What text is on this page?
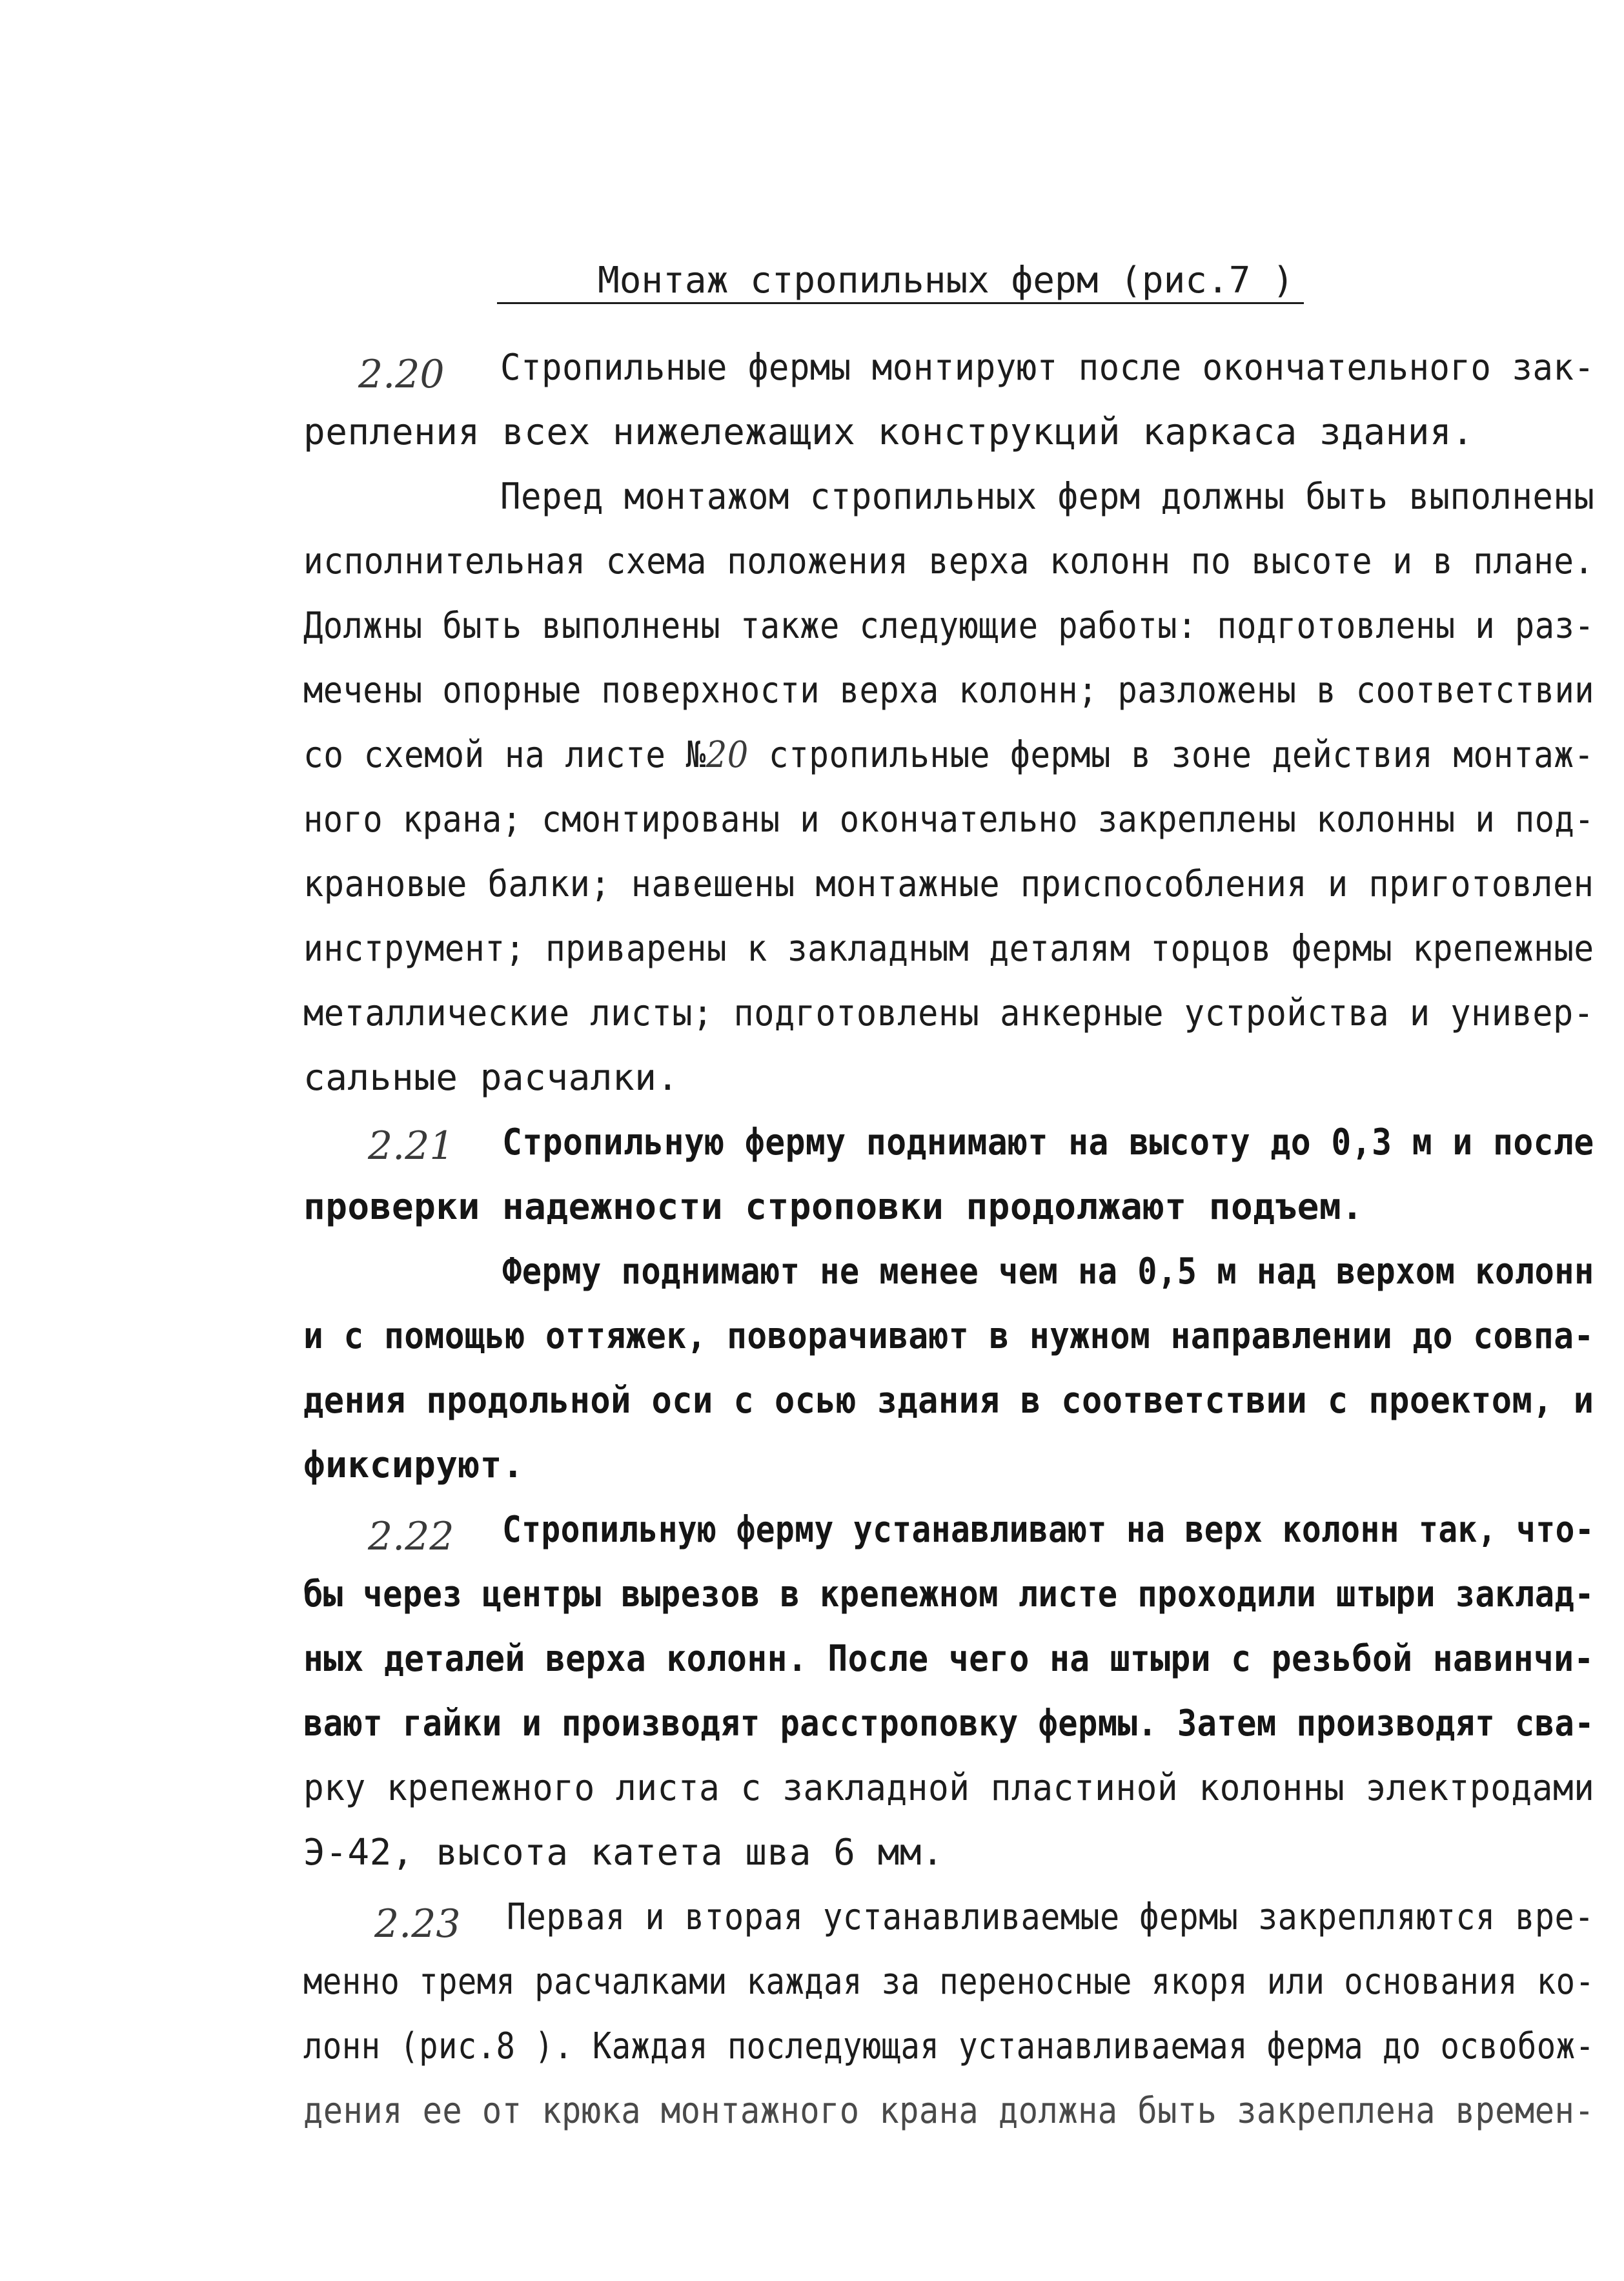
Монтаж стропильных ферм (рис.7 )
2.20 Стропильные фермы монтируют после окончательного зак-
репления всех нижележащих конструкций каркаса здания.
Перед монтажом стропильных ферм должны быть выполнены
исполнительная схема положения верха колонн по высоте и в плане.
Должны быть выполнены также следующие работы: подготовлены и раз-
мечены опорные поверхности верха колонн; разложены в соответствии
со схемой на листе №20 стропильные фермы в зоне действия монтаж-
ного крана; смонтированы и окончательно закреплены колонны и под-
крановые балки; навешены монтажные приспособления и приготовлен
инструмент; приварены к закладным деталям торцов фермы крепежные
металлические листы; подготовлены анкерные устройства и универ-
сальные расчалки.
2.21 Стропильную ферму поднимают на высоту до 0,3 м и после
проверки надежности строповки продолжают подъем.
Ферму поднимают не менее чем на 0,5 м над верхом колонн
и с помощью оттяжек, поворачивают в нужном направлении до совпа-
дения продольной оси с осью здания в соответствии с проектом, и
фиксируют.
2.22 Стропильную ферму устанавливают на верх колонн так, что-
бы через центры вырезов в крепежном листе проходили штыри заклад-
ных деталей верха колонн. После чего на штыри с резьбой навинчи-
вают гайки и производят расстроповку фермы. Затем производят сва-
рку крепежного листа с закладной пластиной колонны электродами
Э-42, высота катета шва 6 мм.
2.23 Первая и вторая устанавливаемые фермы закрепляются вре-
менно тремя расчалками каждая за переносные якоря или основания ко-
лонн (рис.8 ). Каждая последующая устанавливаемая ферма до освобож-
дения ее от крюка монтажного крана должна быть закреплена времен-
